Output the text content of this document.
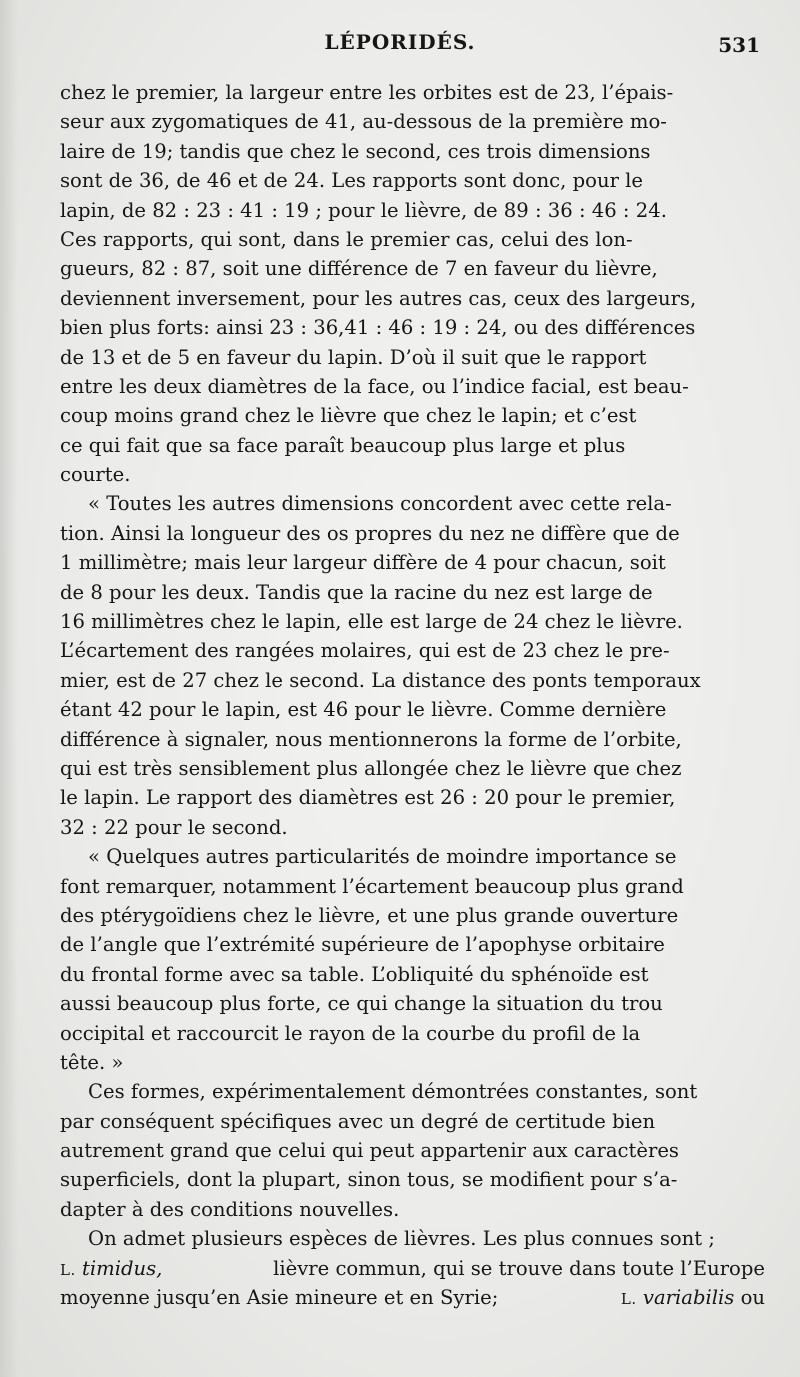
LÉPORIDÉS.	531
chez le premier, la largeur entre les orbites est de 23, l’épais-
seur aux zygomatiques de 41, au-dessous de la première mo-
laire de 19; tandis que chez le second, ces trois dimensions
sont de 36, de 46 et de 24. Les rapports sont donc, pour le
lapin, de 82 : 23 : 41 : 19 ; pour le lièvre, de 89 : 36 : 46 : 24.
Ces rapports, qui sont, dans le premier cas, celui des lon-
gueurs, 82 : 87, soit une différence de 7 en faveur du lièvre,
deviennent inversement, pour les autres cas, ceux des largeurs,
bien plus forts: ainsi 23 : 36,41 : 46 : 19 : 24, ou des différences
de 13 et de 5 en faveur du lapin. D’où il suit que le rapport
entre les deux diamètres de la face, ou l’indice facial, est beau-
coup moins grand chez le lièvre que chez le lapin; et c’est
ce qui fait que sa face paraît beaucoup plus large et plus
courte.
« Toutes les autres dimensions concordent avec cette rela-
tion. Ainsi la longueur des os propres du nez ne diffère que de
1 millimètre; mais leur largeur diffère de 4 pour chacun, soit
de 8 pour les deux. Tandis que la racine du nez est large de
16 millimètres chez le lapin, elle est large de 24 chez le lièvre.
L’écartement des rangées molaires, qui est de 23 chez le pre-
mier, est de 27 chez le second. La distance des ponts temporaux
étant 42 pour le lapin, est 46 pour le lièvre. Comme dernière
différence à signaler, nous mentionnerons la forme de l’orbite,
qui est très sensiblement plus allongée chez le lièvre que chez
le lapin. Le rapport des diamètres est 26 : 20 pour le premier,
32 : 22 pour le second.
« Quelques autres particularités de moindre importance se
font remarquer, notamment l’écartement beaucoup plus grand
des ptérygoïdiens chez le lièvre, et une plus grande ouverture
de l’angle que l’extrémité supérieure de l’apophyse orbitaire
du frontal forme avec sa table. L’obliquité du sphénoïde est
aussi beaucoup plus forte, ce qui change la situation du trou
occipital et raccourcit le rayon de la courbe du profil de la
tête. »
Ces formes, expérimentalement démontrées constantes, sont
par conséquent spécifiques avec un degré de certitude bien
autrement grand que celui qui peut appartenir aux caractères
superficiels, dont la plupart, sinon tous, se modifient pour s’a-
dapter à des conditions nouvelles.
On admet plusieurs espèces de lièvres. Les plus connues sont ;
L. timidus,	lièvre commun, qui se trouve dans toute l’Europe
moyenne jusqu’en Asie mineure et en Syrie;	L. variabilis ou
